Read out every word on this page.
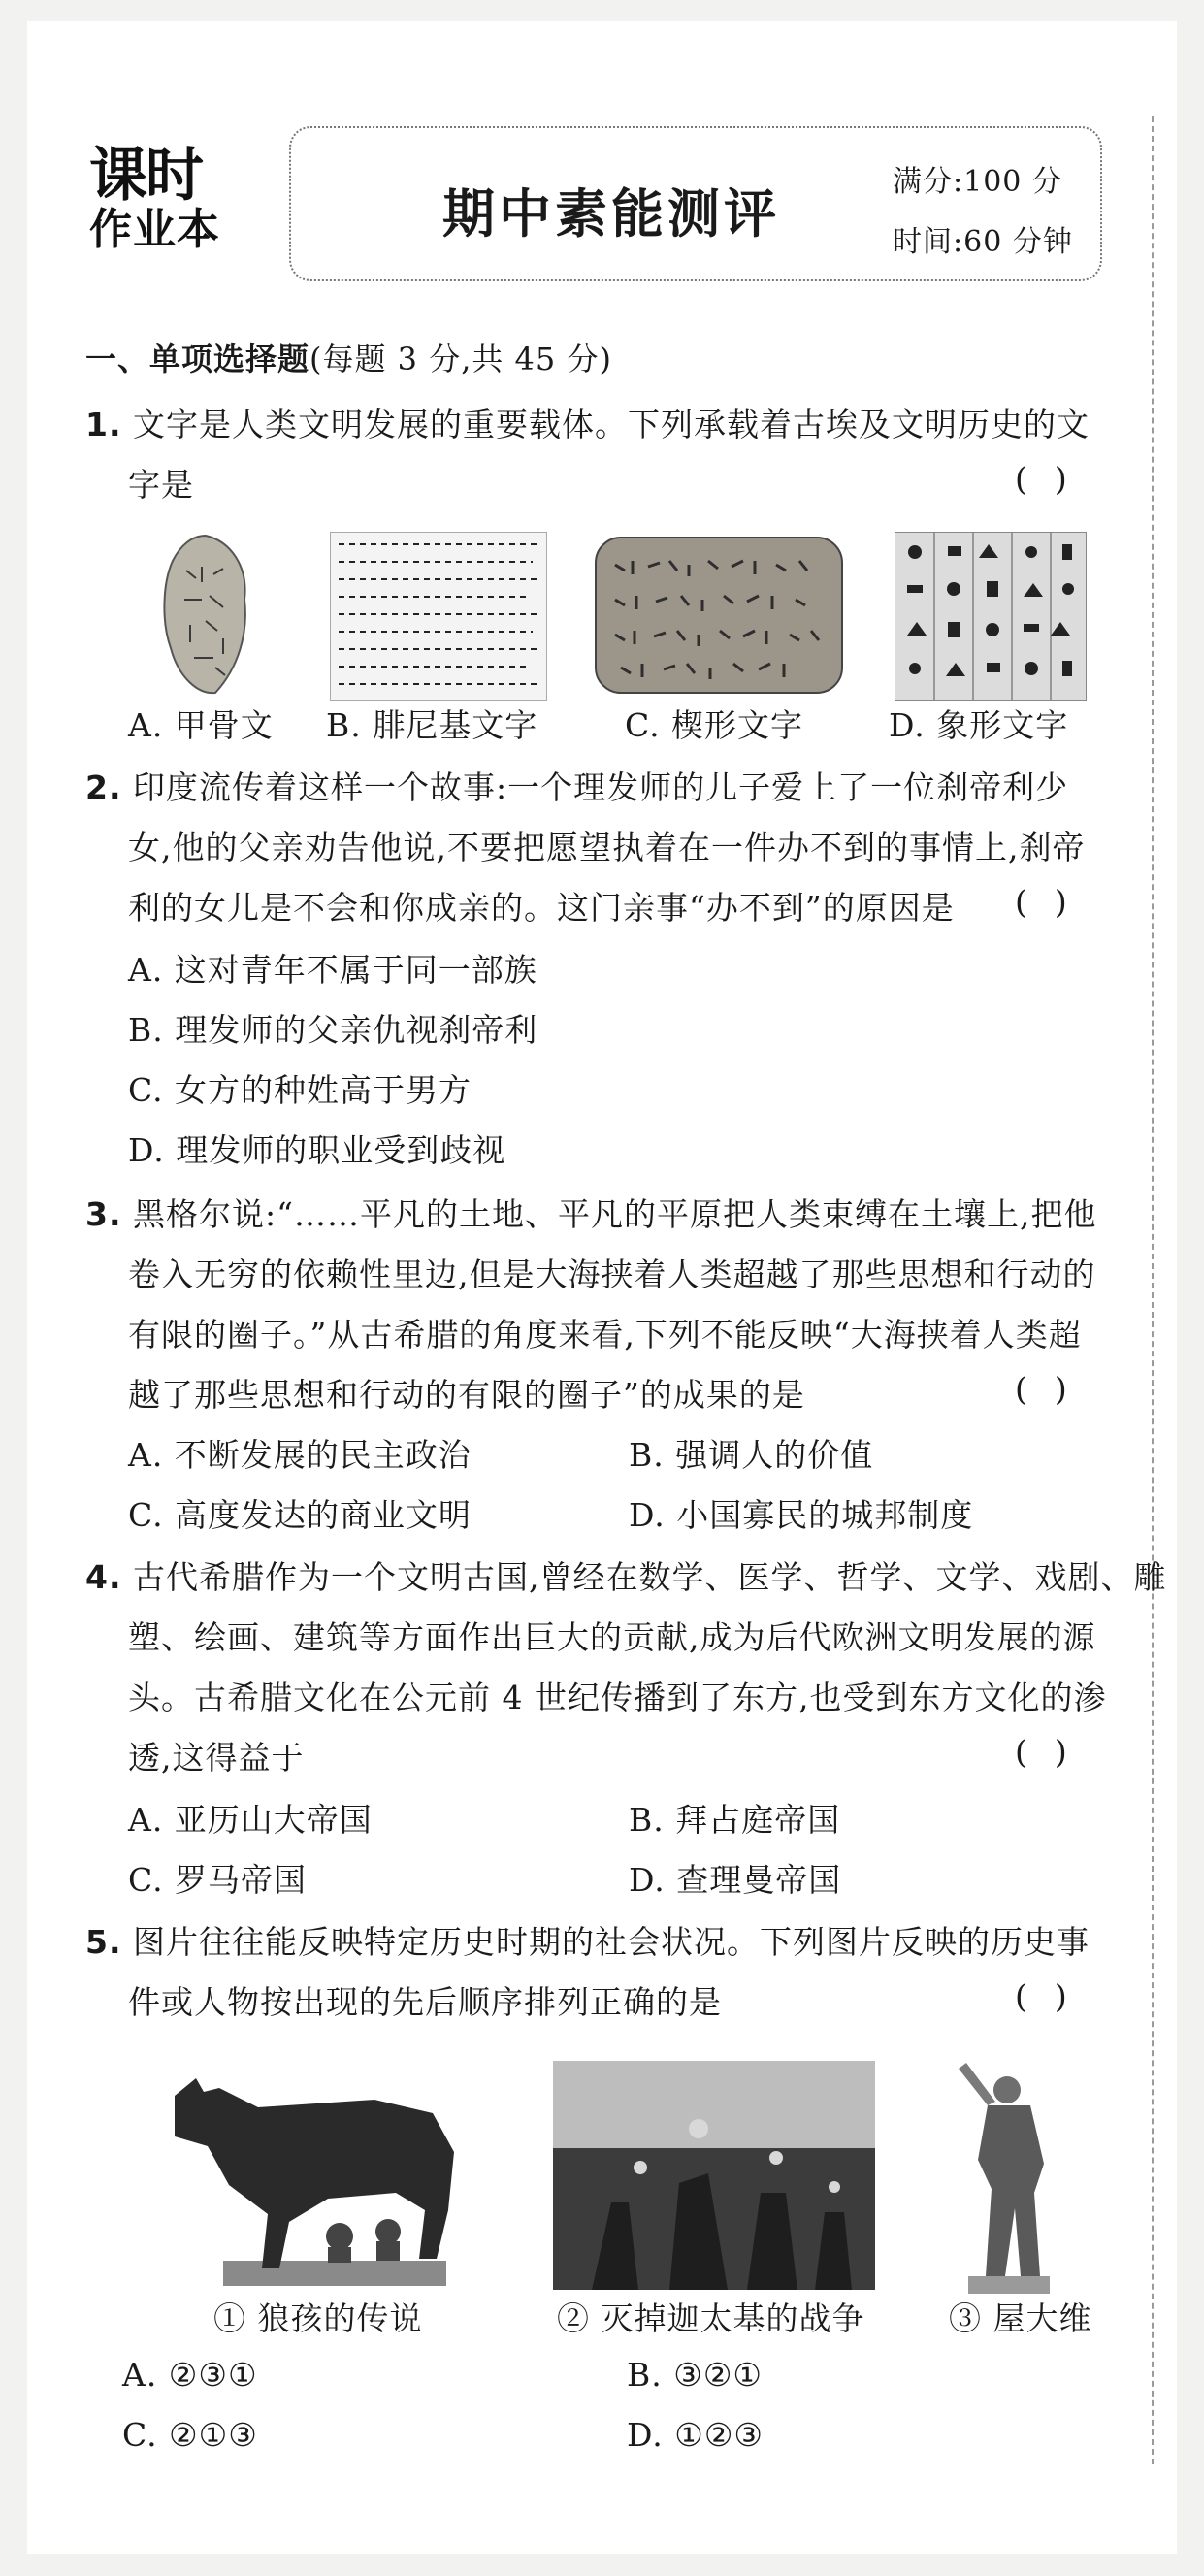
课时
作业本	期中素能测评
满分:100 分
时间:60 分钟
一、单项选择题(每题 3 分,共 45 分)
1. 文字是人类文明发展的重要载体。下列承载着古埃及文明历史的文
字是	()
A. 甲骨文 B. 腓尼基文字	C. 楔形文字	D. 象形文字
2. 印度流传着这样一个故事:一个理发师的儿子爱上了一位刹帝利少
女,他的父亲劝告他说,不要把愿望执着在一件办不到的事情上,刹帝
利的女儿是不会和你成亲的。这门亲事“办不到”的原因是 ()
A. 这对青年不属于同一部族
B. 理发师的父亲仇视刹帝利
C. 女方的种姓高于男方
D. 理发师的职业受到歧视
3. 黑格尔说:“……平凡的土地、平凡的平原把人类束缚在土壤上,把他
卷入无穷的依赖性里边,但是大海挟着人类超越了那些思想和行动的
有限的圈子。”从古希腊的角度来看,下列不能反映“大海挟着人类超
越了那些思想和行动的有限的圈子”的成果的是	()
A. 不断发展的民主政治	B. 强调人的价值
C. 高度发达的商业文明	D. 小国寡民的城邦制度
4. 古代希腊作为一个文明古国,曾经在数学、医学、哲学、文学、戏剧、雕
塑、绘画、建筑等方面作出巨大的贡献,成为后代欧洲文明发展的源
头。古希腊文化在公元前 4 世纪传播到了东方,也受到东方文化的渗
透,这得益于	()
A. 亚历山大帝国	B. 拜占庭帝国
C. 罗马帝国	D. 查理曼帝国
5. 图片往往能反映特定历史时期的社会状况。下列图片反映的历史事
件或人物按出现的先后顺序排列正确的是	()
① 狼孩的传说	② 灭掉迦太基的战争	③ 屋大维
A. ②③①	B. ③②①
C. ②①③	D. ①②③
